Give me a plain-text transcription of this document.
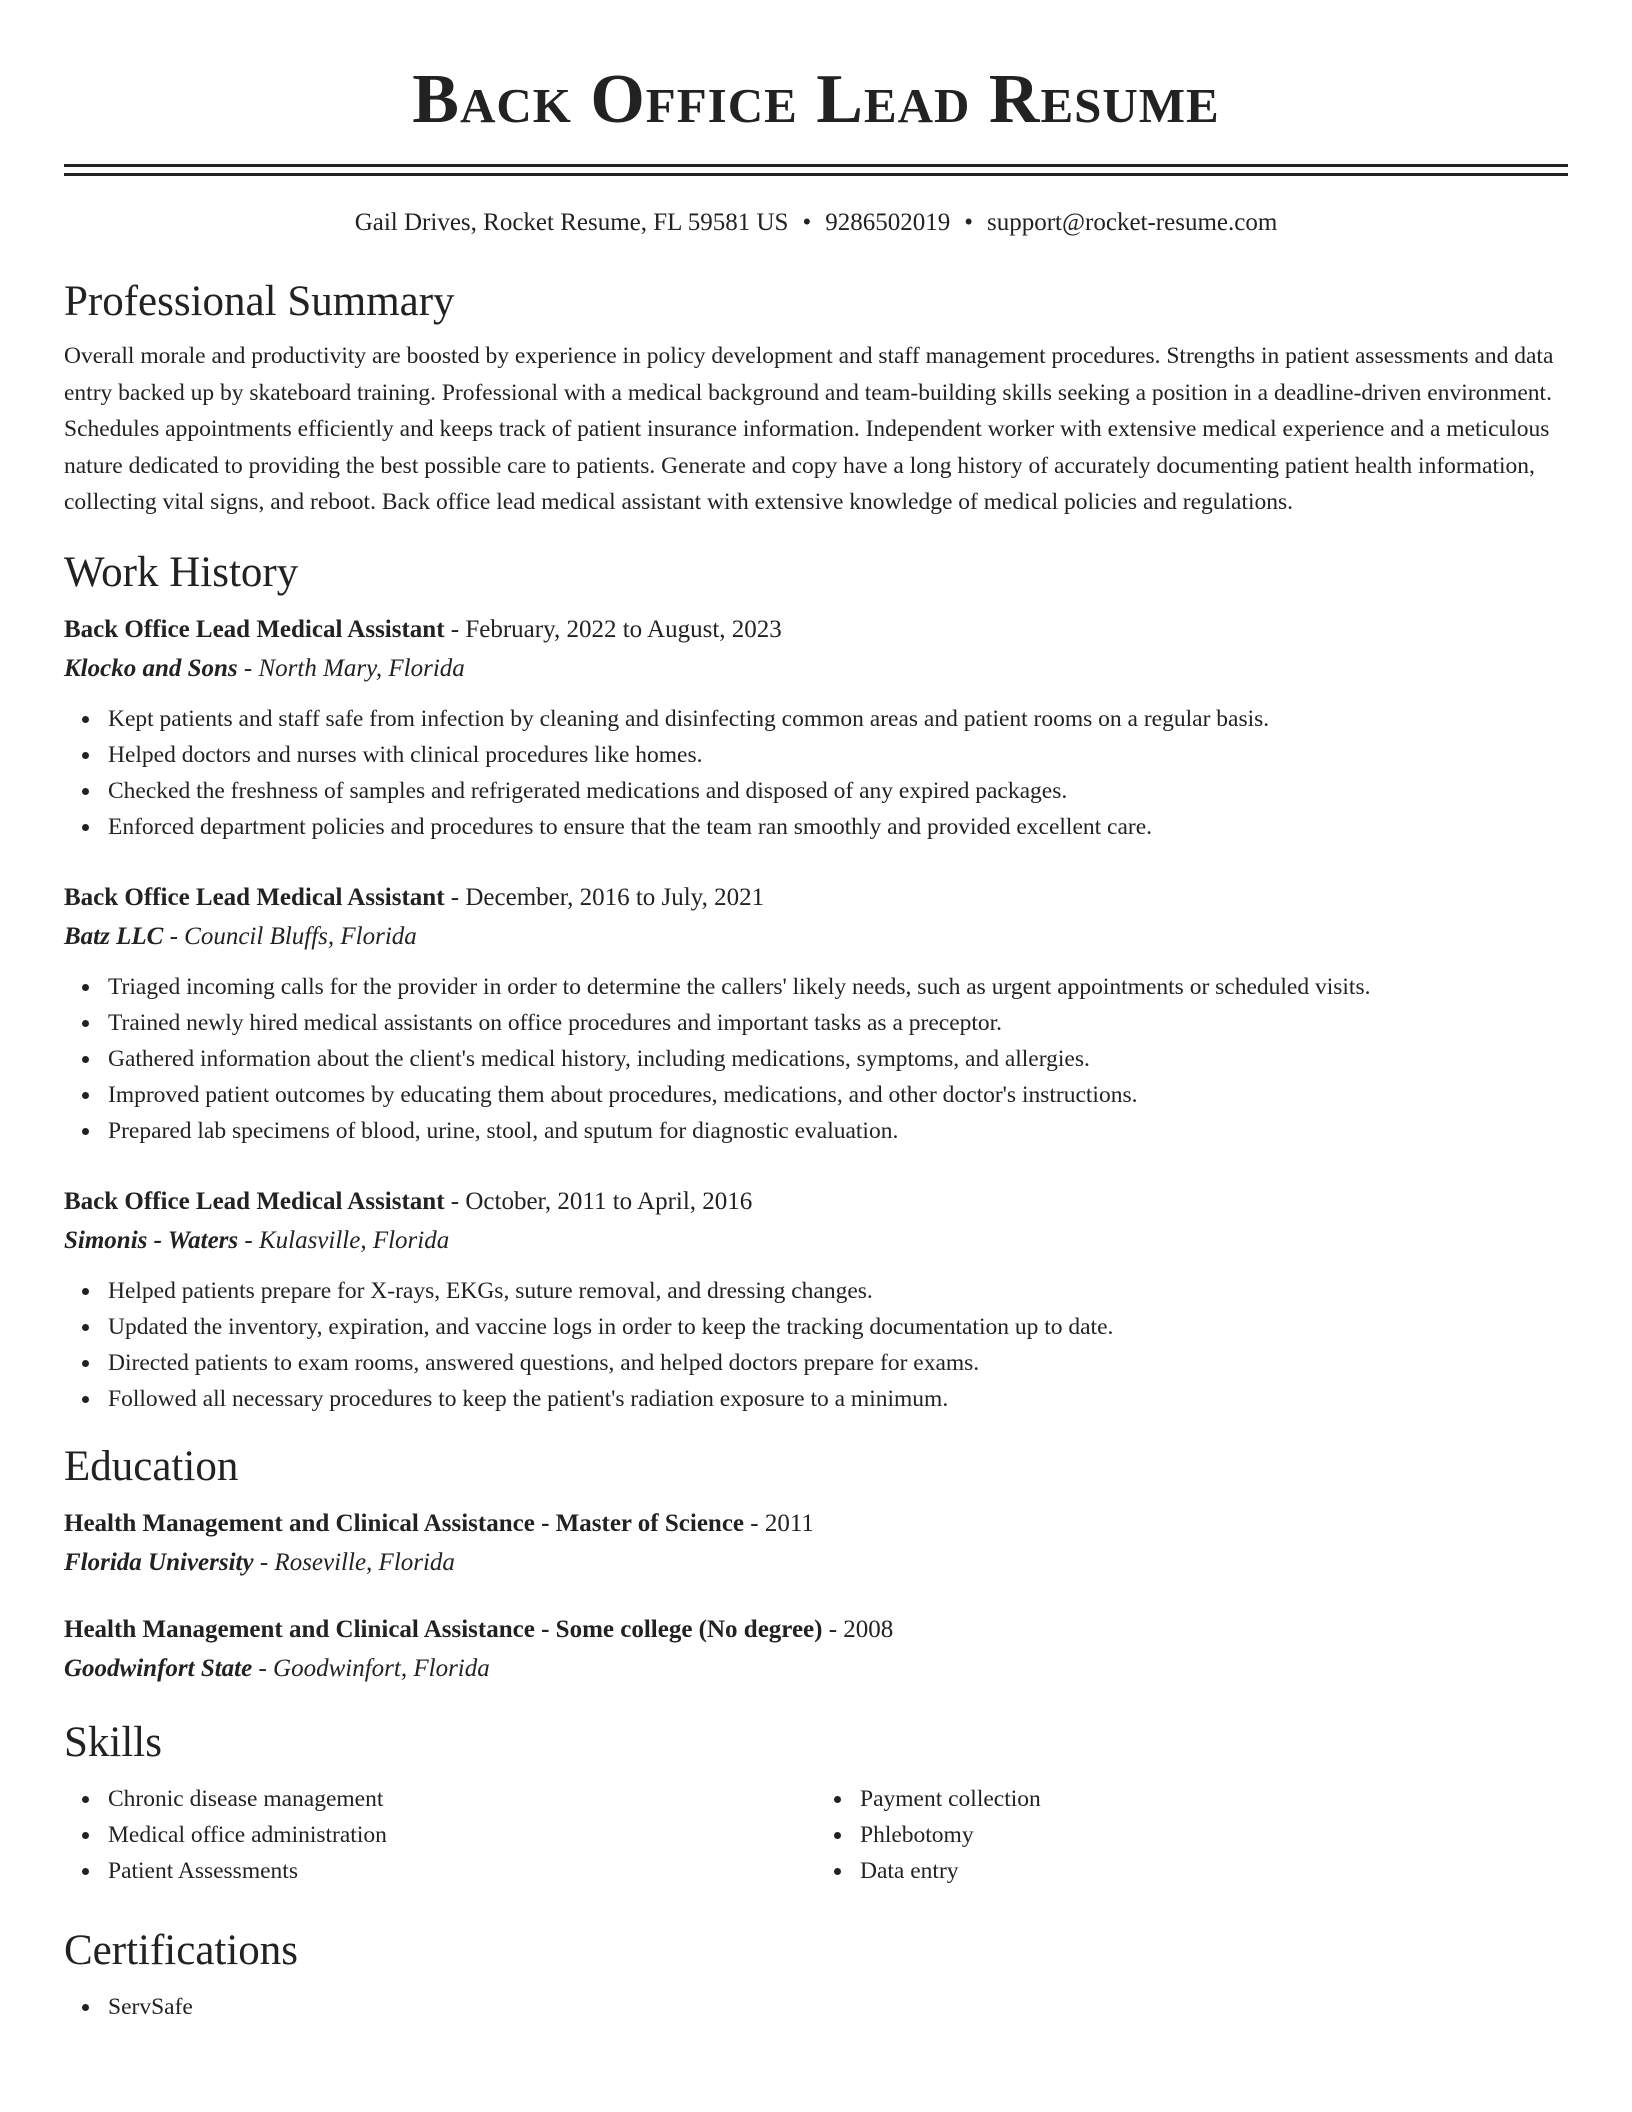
Back Office Lead Resume
Gail Drives, Rocket Resume, FL 59581 US • 9286502019 • support@rocket-resume.com
Professional Summary

Overall morale and productivity are boosted by experience in policy development and staff management procedures. Strengths in patient assessments and data entry backed up by skateboard training. Professional with a medical background and team-building skills seeking a position in a deadline-driven environment. Schedules appointments efficiently and keeps track of patient insurance information. Independent worker with extensive medical experience and a meticulous nature dedicated to providing the best possible care to patients. Generate and copy have a long history of accurately documenting patient health information, collecting vital signs, and reboot. Back office lead medical assistant with extensive knowledge of medical policies and regulations.

Work History
Back Office Lead Medical Assistant - February, 2022 to August, 2023
Klocko and Sons - North Mary, Florida
Kept patients and staff safe from infection by cleaning and disinfecting common areas and patient rooms on a regular basis.
Helped doctors and nurses with clinical procedures like homes.
Checked the freshness of samples and refrigerated medications and disposed of any expired packages.
Enforced department policies and procedures to ensure that the team ran smoothly and provided excellent care.
Back Office Lead Medical Assistant - December, 2016 to July, 2021
Batz LLC - Council Bluffs, Florida
Triaged incoming calls for the provider in order to determine the callers' likely needs, such as urgent appointments or scheduled visits.
Trained newly hired medical assistants on office procedures and important tasks as a preceptor.
Gathered information about the client's medical history, including medications, symptoms, and allergies.
Improved patient outcomes by educating them about procedures, medications, and other doctor's instructions.
Prepared lab specimens of blood, urine, stool, and sputum for diagnostic evaluation.
Back Office Lead Medical Assistant - October, 2011 to April, 2016
Simonis - Waters - Kulasville, Florida
Helped patients prepare for X-rays, EKGs, suture removal, and dressing changes.
Updated the inventory, expiration, and vaccine logs in order to keep the tracking documentation up to date.
Directed patients to exam rooms, answered questions, and helped doctors prepare for exams.
Followed all necessary procedures to keep the patient's radiation exposure to a minimum.
Education
Health Management and Clinical Assistance - Master of Science - 2011
Florida University - Roseville, Florida
Health Management and Clinical Assistance - Some college (No degree) - 2008
Goodwinfort State - Goodwinfort, Florida
Skills
Chronic disease management
Medical office administration
Patient Assessments
Payment collection
Phlebotomy
Data entry
Certifications
ServSafe
